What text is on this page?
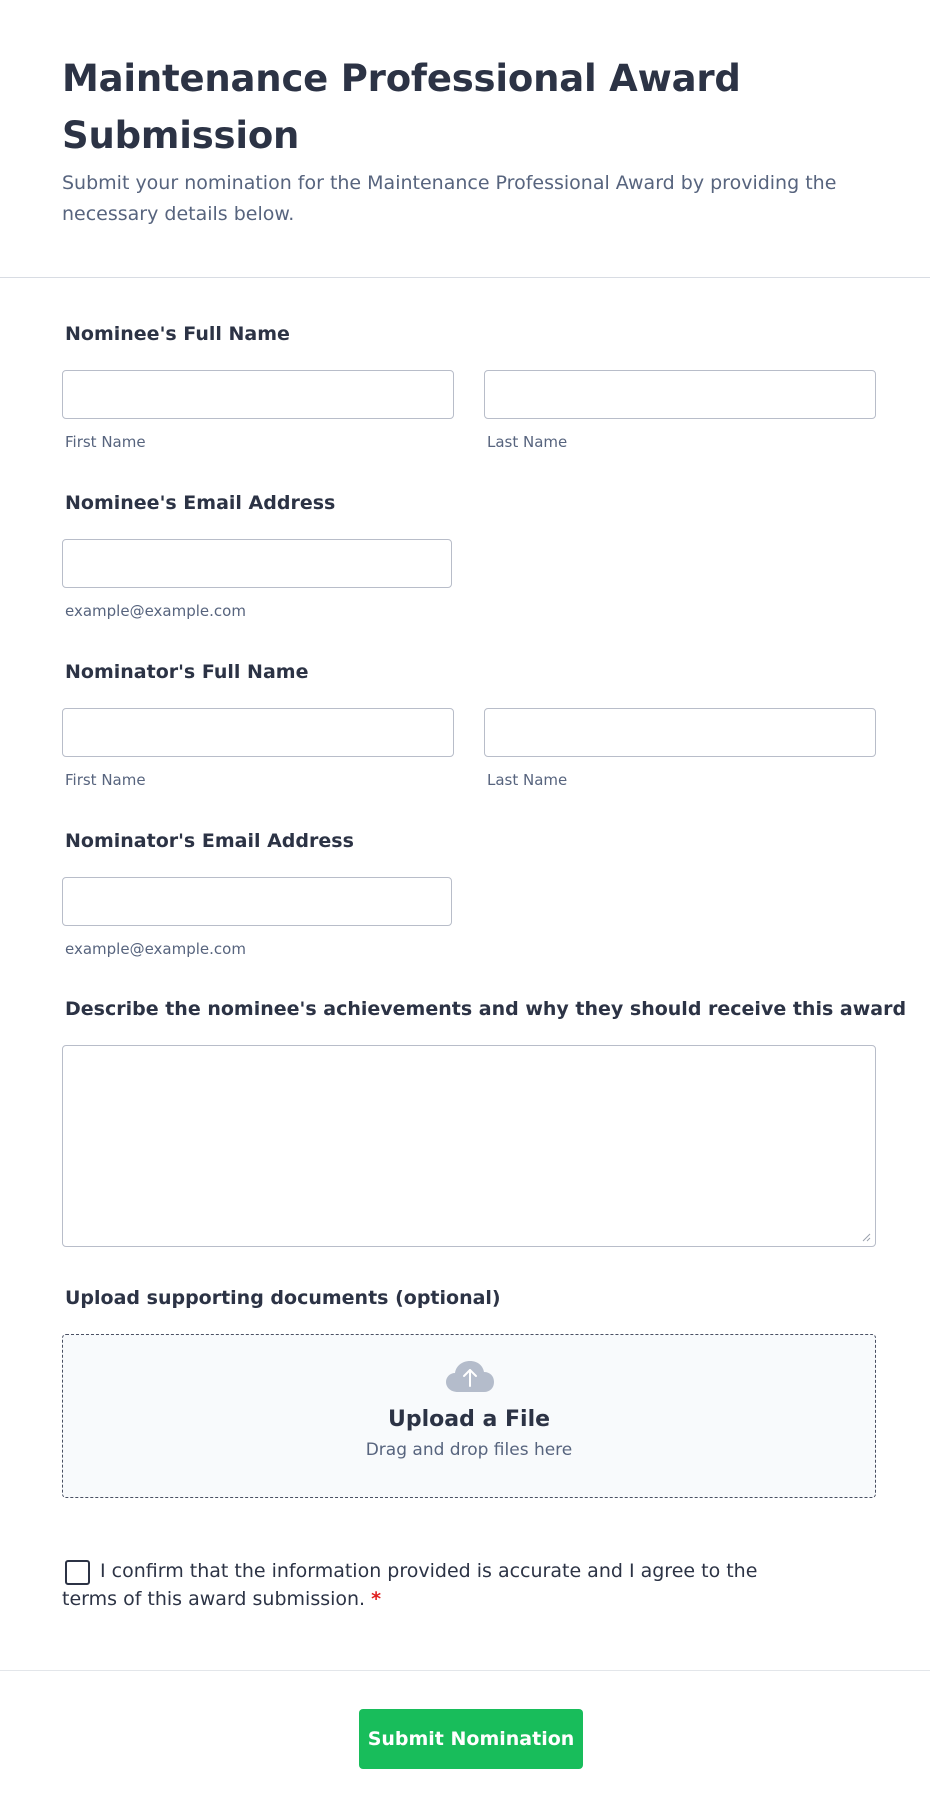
Maintenance Professional Award Submission

Submit your nomination for the Maintenance Professional Award by providing the necessary details below.

Nominee's Full Name
First Name	Last Name
Nominee's Email Address
example@example.com
Nominator's Full Name
First Name	Last Name
Nominator's Email Address
example@example.com
Describe the nominee's achievements and why they should receive this award
Upload supporting documents (optional)
Upload a File
Drag and drop files here
I confirm that the information provided is accurate and I agree to the terms of this award submission. *
Submit Nomination
